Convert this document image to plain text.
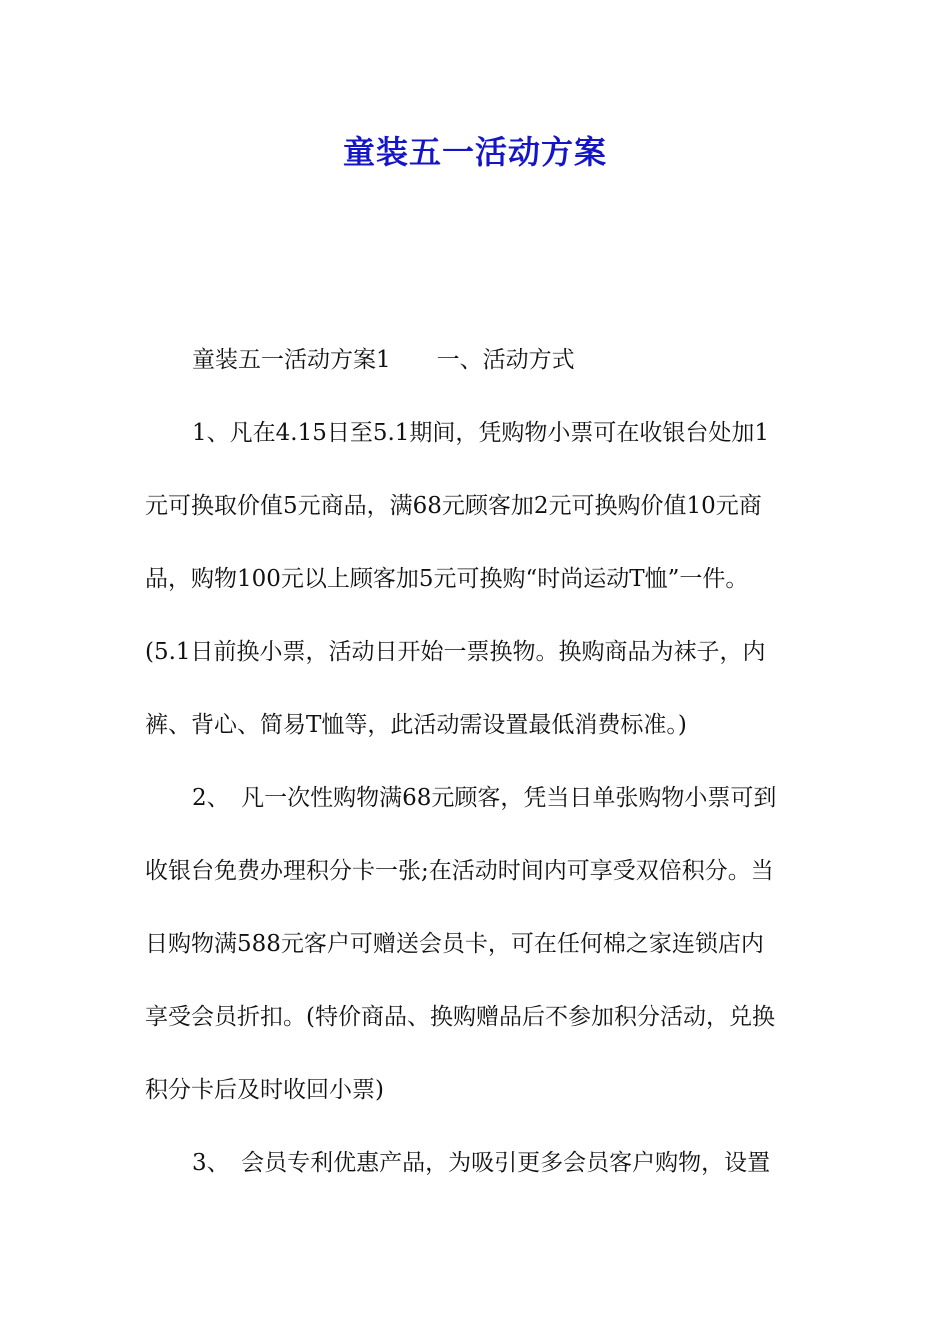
童装五一活动方案
童装五一活动方案1　　一、活动方式
1、凡在4.15日至5.1期间，凭购物小票可在收银台处加1
元可换取价值5元商品，满68元顾客加2元可换购价值10元商
品，购物100元以上顾客加5元可换购“时尚运动T恤”一件。
(5.1日前换小票，活动日开始一票换物。换购商品为袜子，内
裤、背心、简易T恤等，此活动需设置最低消费标准。)
2、　凡一次性购物满68元顾客，凭当日单张购物小票可到
收银台免费办理积分卡一张;在活动时间内可享受双倍积分。当
日购物满588元客户可赠送会员卡，可在任何棉之家连锁店内
享受会员折扣。(特价商品、换购赠品后不参加积分活动，兑换
积分卡后及时收回小票)
3、　会员专利优惠产品，为吸引更多会员客户购物，设置
